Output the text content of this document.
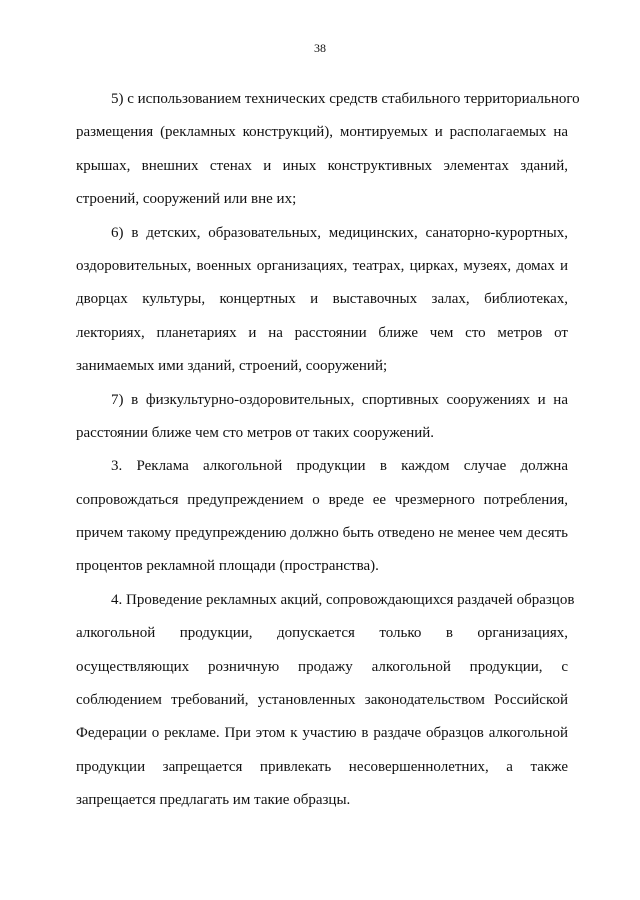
38
5) с использованием технических средств стабильного территориального
размещения (рекламных конструкций), монтируемых и располагаемых на
крышах, внешних стенах и иных конструктивных элементах зданий,
строений, сооружений или вне их;
6) в детских, образовательных, медицинских, санаторно-курортных,
оздоровительных, военных организациях, театрах, цирках, музеях, домах и
дворцах культуры, концертных и выставочных залах, библиотеках,
лекториях, планетариях и на расстоянии ближе чем сто метров от
занимаемых ими зданий, строений, сооружений;
7) в физкультурно-оздоровительных, спортивных сооружениях и на
расстоянии ближе чем сто метров от таких сооружений.
3. Реклама алкогольной продукции в каждом случае должна
сопровождаться предупреждением о вреде ее чрезмерного потребления,
причем такому предупреждению должно быть отведено не менее чем десять
процентов рекламной площади (пространства).
4. Проведение рекламных акций, сопровождающихся раздачей образцов
алкогольной продукции, допускается только в организациях,
осуществляющих розничную продажу алкогольной продукции, с
соблюдением требований, установленных законодательством Российской
Федерации о рекламе. При этом к участию в раздаче образцов алкогольной
продукции запрещается привлекать несовершеннолетних, а также
запрещается предлагать им такие образцы.
